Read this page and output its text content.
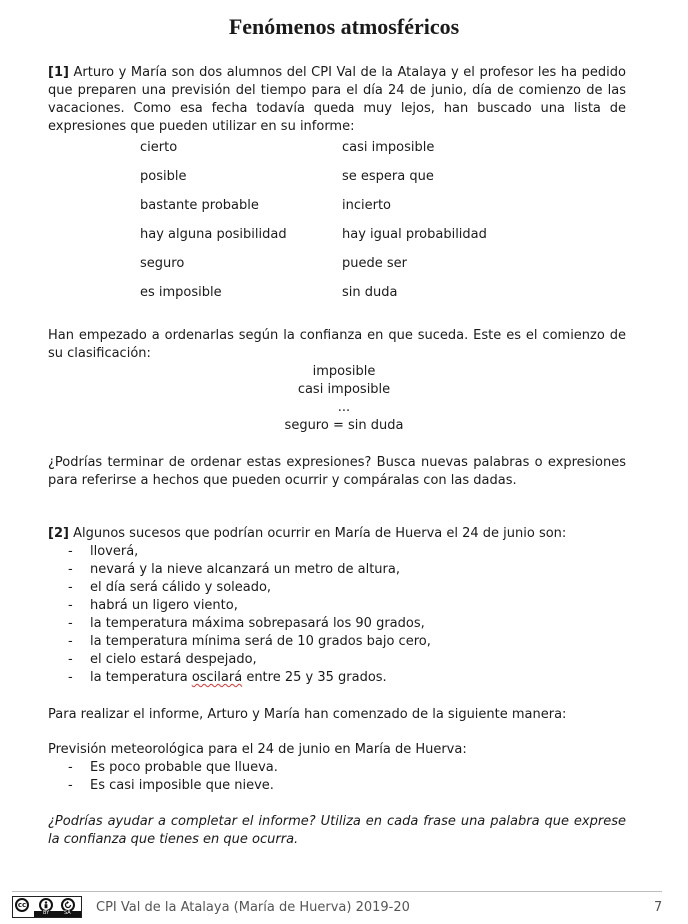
Fenómenos atmosféricos
[1] Arturo y María son dos alumnos del CPI Val de la Atalaya y el profesor les ha pedido que preparen una previsión del tiempo para el día 24 de junio, día de comienzo de las vacaciones. Como esa fecha todavía queda muy lejos, han buscado una lista de expresiones que pueden utilizar en su informe:
cierto
posible
bastante probable
hay alguna posibilidad
seguro
es imposible
casi imposible
se espera que
incierto
hay igual probabilidad
puede ser
sin duda
Han empezado a ordenarlas según la confianza en que suceda. Este es el comienzo de su clasificación:
imposible
casi imposible
...
seguro = sin duda
¿Podrías terminar de ordenar estas expresiones? Busca nuevas palabras o expresiones para referirse a hechos que pueden ocurrir y compáralas con las dadas.
[2] Algunos sucesos que podrían ocurrir en María de Huerva el 24 de junio son:
- lloverá,
- nevará y la nieve alcanzará un metro de altura,
- el día será cálido y soleado,
- habrá un ligero viento,
- la temperatura máxima sobrepasará los 90 grados,
- la temperatura mínima será de 10 grados bajo cero,
- el cielo estará despejado,
- la temperatura oscilará entre 25 y 35 grados.
Para realizar el informe, Arturo y María han comenzado de la siguiente manera:
Previsión meteorológica para el 24 de junio en María de Huerva:
- Es poco probable que llueva.
- Es casi imposible que nieve.
¿Podrías ayudar a completar el informe? Utiliza en cada frase una palabra que exprese la confianza que tienes en que ocurra.
cc
BY	SA CPI Val de la Atalaya (María de Huerva) 2019-20	7
